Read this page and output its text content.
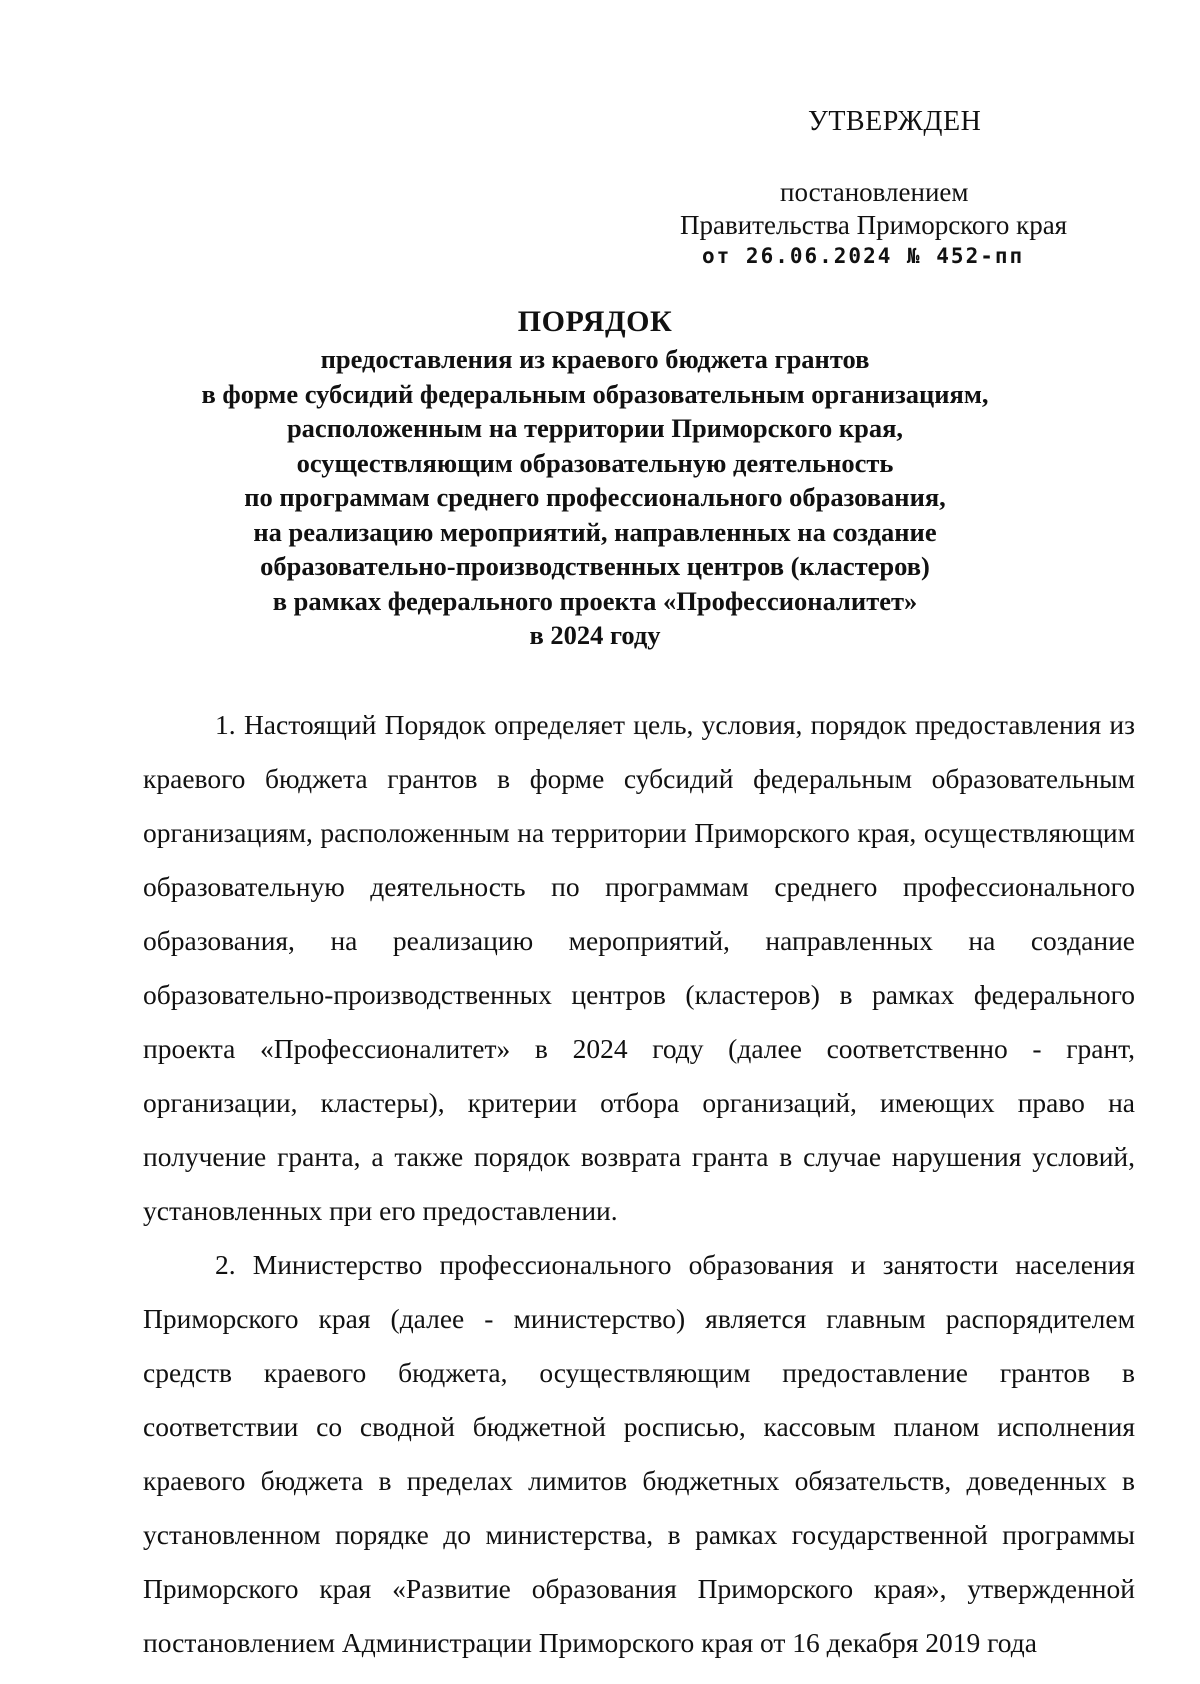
УТВЕРЖДЕН
постановлением
Правительства Приморского края
от 26.06.2024 № 452-пп
ПОРЯДОК
предоставления из краевого бюджета грантов
в форме субсидий федеральным образовательным организациям,
расположенным на территории Приморского края,
осуществляющим образовательную деятельность
по программам среднего профессионального образования,
на реализацию мероприятий, направленных на создание
образовательно-производственных центров (кластеров)
в рамках федерального проекта «Профессионалитет»
в 2024 году

1. Настоящий Порядок определяет цель, условия, порядок предоставления из краевого бюджета грантов в форме субсидий федеральным образовательным организациям, расположенным на территории Приморского края, осуществляющим образовательную деятельность по программам среднего профессионального образования, на реализацию мероприятий, направленных на создание образовательно-производственных центров (кластеров) в рамках федерального проекта «Профессионалитет» в 2024 году (далее соответственно - грант, организации, кластеры), критерии отбора организаций, имеющих право на получение гранта, а также порядок возврата гранта в случае нарушения условий, установленных при его предоставлении.

2. Министерство профессионального образования и занятости населения Приморского края (далее - министерство) является главным распорядителем средств краевого бюджета, осуществляющим предоставление грантов в соответствии со сводной бюджетной росписью, кассовым планом исполнения краевого бюджета в пределах лимитов бюджетных обязательств, доведенных в установленном порядке до министерства, в рамках государственной программы Приморского края «Развитие образования Приморского края», утвержденной постановлением Администрации Приморского края от 16 декабря 2019 года
